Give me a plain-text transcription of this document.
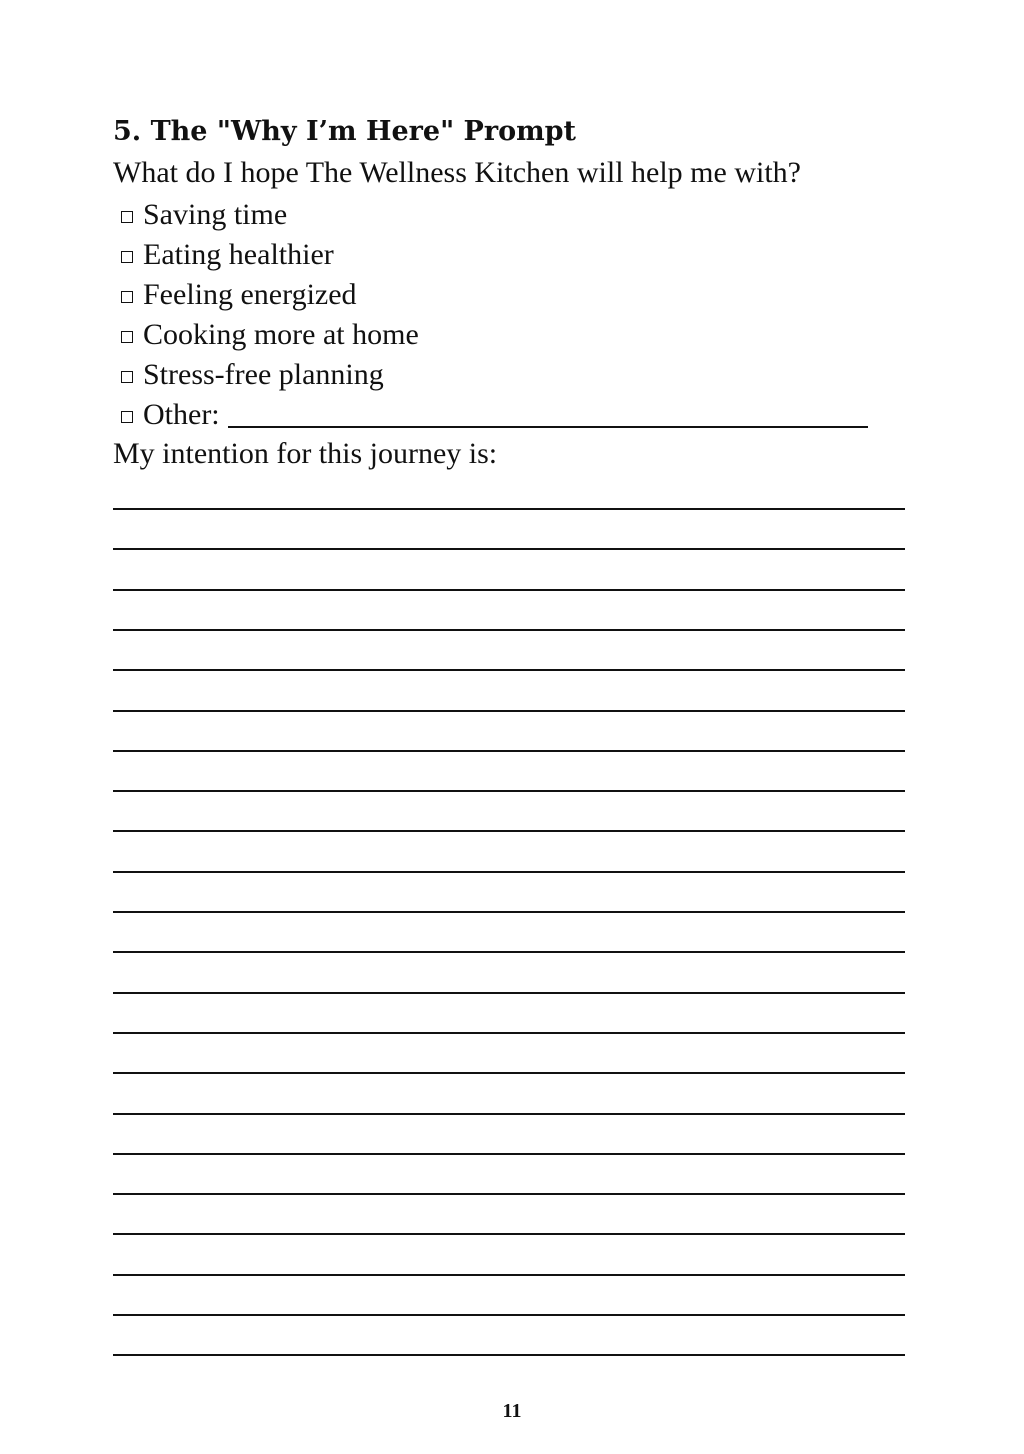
5. The "Why I’m Here" Prompt
What do I hope The Wellness Kitchen will help me with?
Saving time
Eating healthier
Feeling energized
Cooking more at home
Stress-free planning
Other:
My intention for this journey is:
11
